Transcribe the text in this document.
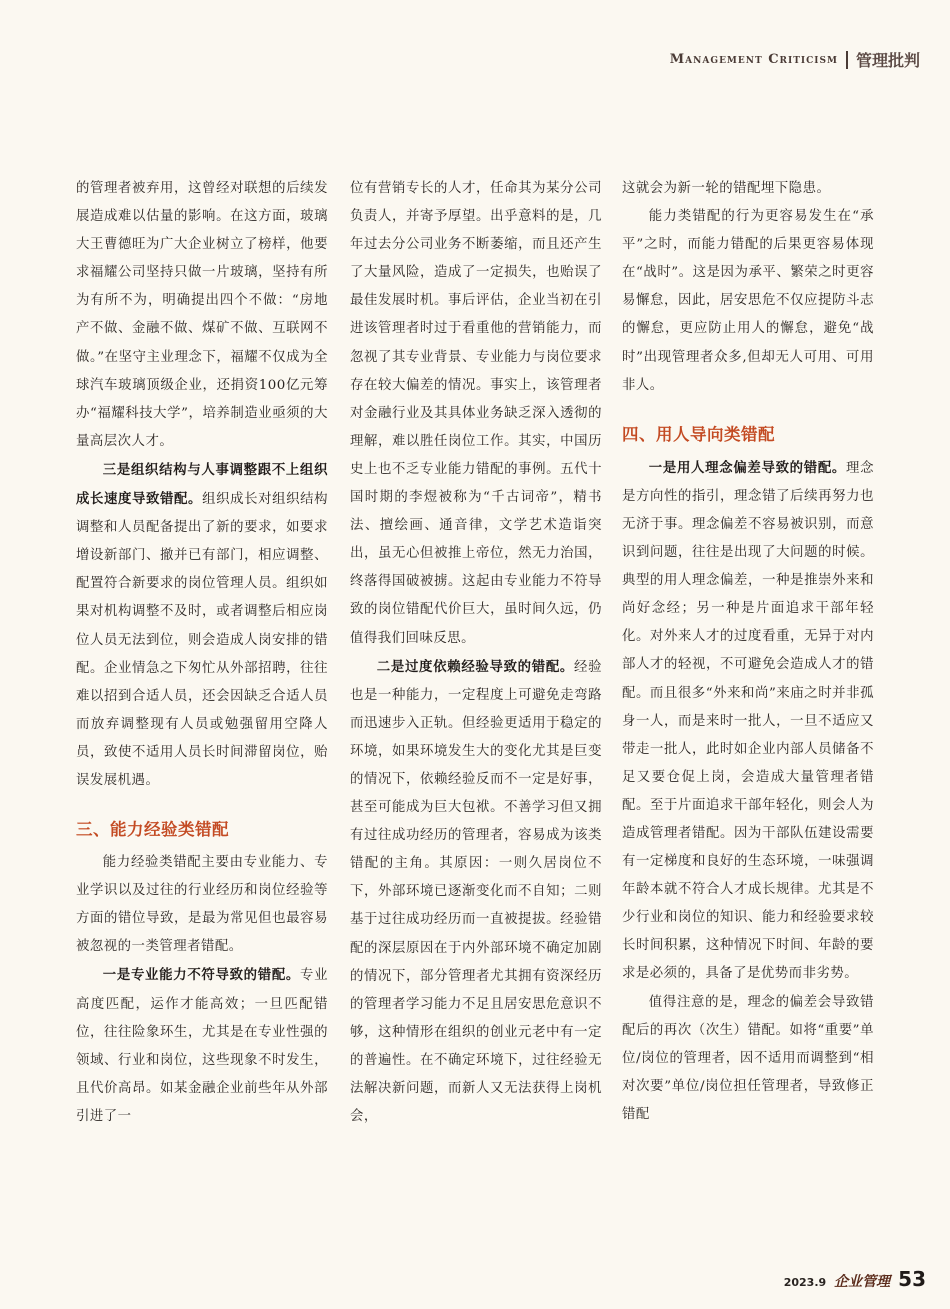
Management Criticism 管理批判

的管理者被弃用，这曾经对联想的后续发展造成难以估量的影响。在这方面，玻璃大王曹德旺为广大企业树立了榜样，他要求福耀公司坚持只做一片玻璃，坚持有所为有所不为，明确提出四个不做：“房地产不做、金融不做、煤矿不做、互联网不做。”在坚守主业理念下，福耀不仅成为全球汽车玻璃顶级企业，还捐资100亿元筹办“福耀科技大学”，培养制造业亟须的大量高层次人才。

三是组织结构与人事调整跟不上组织成长速度导致错配。组织成长对组织结构调整和人员配备提出了新的要求，如要求增设新部门、撤并已有部门，相应调整、配置符合新要求的岗位管理人员。组织如果对机构调整不及时，或者调整后相应岗位人员无法到位，则会造成人岗安排的错配。企业情急之下匆忙从外部招聘，往往难以招到合适人员，还会因缺乏合适人员而放弃调整现有人员或勉强留用空降人员，致使不适用人员长时间滞留岗位，贻误发展机遇。

三、能力经验类错配

能力经验类错配主要由专业能力、专业学识以及过往的行业经历和岗位经验等方面的错位导致，是最为常见但也最容易被忽视的一类管理者错配。

一是专业能力不符导致的错配。专业高度匹配，运作才能高效；一旦匹配错位，往往险象环生，尤其是在专业性强的领域、行业和岗位，这些现象不时发生，且代价高昂。如某金融企业前些年从外部引进了一

位有营销专长的人才，任命其为某分公司负责人，并寄予厚望。出乎意料的是，几年过去分公司业务不断萎缩，而且还产生了大量风险，造成了一定损失，也贻误了最佳发展时机。事后评估，企业当初在引进该管理者时过于看重他的营销能力，而忽视了其专业背景、专业能力与岗位要求存在较大偏差的情况。事实上，该管理者对金融行业及其具体业务缺乏深入透彻的理解，难以胜任岗位工作。其实，中国历史上也不乏专业能力错配的事例。五代十国时期的李煜被称为“千古词帝”，精书法、擅绘画、通音律，文学艺术造诣突出，虽无心但被推上帝位，然无力治国，终落得国破被掳。这起由专业能力不符导致的岗位错配代价巨大，虽时间久远，仍值得我们回味反思。

二是过度依赖经验导致的错配。经验也是一种能力，一定程度上可避免走弯路而迅速步入正轨。但经验更适用于稳定的环境，如果环境发生大的变化尤其是巨变的情况下，依赖经验反而不一定是好事，甚至可能成为巨大包袱。不善学习但又拥有过往成功经历的管理者，容易成为该类错配的主角。其原因：一则久居岗位不下，外部环境已逐渐变化而不自知；二则基于过往成功经历而一直被提拔。经验错配的深层原因在于内外部环境不确定加剧的情况下，部分管理者尤其拥有资深经历的管理者学习能力不足且居安思危意识不够，这种情形在组织的创业元老中有一定的普遍性。在不确定环境下，过往经验无法解决新问题，而新人又无法获得上岗机会，

这就会为新一轮的错配埋下隐患。

能力类错配的行为更容易发生在“承平”之时，而能力错配的后果更容易体现在“战时”。这是因为承平、繁荣之时更容易懈怠，因此，居安思危不仅应提防斗志的懈怠，更应防止用人的懈怠，避免“战时”出现管理者众多,但却无人可用、可用非人。

四、用人导向类错配

一是用人理念偏差导致的错配。理念是方向性的指引，理念错了后续再努力也无济于事。理念偏差不容易被识别，而意识到问题，往往是出现了大问题的时候。典型的用人理念偏差，一种是推崇外来和尚好念经；另一种是片面追求干部年轻化。对外来人才的过度看重，无异于对内部人才的轻视，不可避免会造成人才的错配。而且很多“外来和尚”来庙之时并非孤身一人，而是来时一批人，一旦不适应又带走一批人，此时如企业内部人员储备不足又要仓促上岗，会造成大量管理者错配。至于片面追求干部年轻化，则会人为造成管理者错配。因为干部队伍建设需要有一定梯度和良好的生态环境，一味强调年龄本就不符合人才成长规律。尤其是不少行业和岗位的知识、能力和经验要求较长时间积累，这种情况下时间、年龄的要求是必须的，具备了是优势而非劣势。

值得注意的是，理念的偏差会导致错配后的再次（次生）错配。如将“重要”单位/岗位的管理者，因不适用而调整到“相对次要”单位/岗位担任管理者，导致修正错配

2023.9 企业管理 53
